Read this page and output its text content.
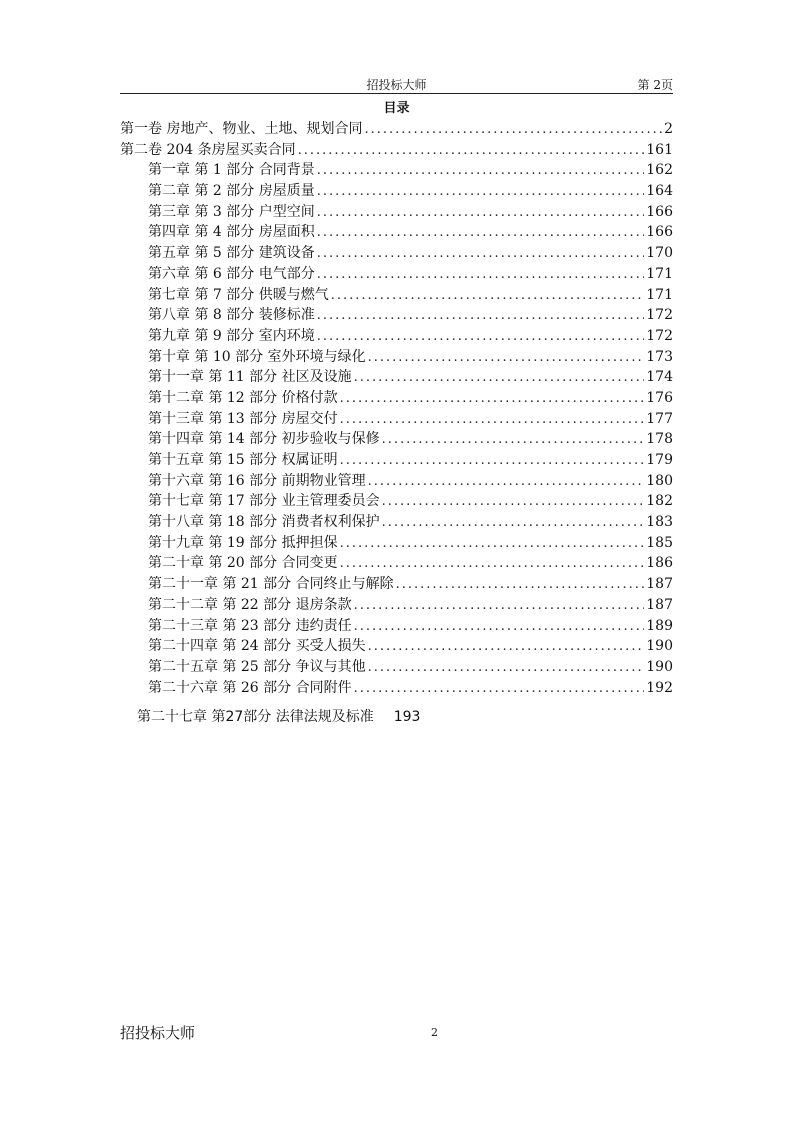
招投标大师	第 2页
目录
第一卷 房地产、物业、土地、规划合同 .....	2
第二卷 204 条房屋买卖合同 .....	161
第一章 第 1 部分 合同背景 .....	162
第二章 第 2 部分 房屋质量 .....	164
第三章 第 3 部分 户型空间 .....	166
第四章 第 4 部分 房屋面积 .....	166
第五章 第 5 部分 建筑设备 .....	170
第六章 第 6 部分 电气部分 .....	171
第七章 第 7 部分 供暖与燃气 .....	171
第八章 第 8 部分 装修标准 .....	172
第九章 第 9 部分 室内环境 .....	172
第十章 第 10 部分 室外环境与绿化 .....	173
第十一章 第 11 部分 社区及设施 .....	174
第十二章 第 12 部分 价格付款 .....	176
第十三章 第 13 部分 房屋交付 .....	177
第十四章 第 14 部分 初步验收与保修 .....	178
第十五章 第 15 部分 权属证明 .....	179
第十六章 第 16 部分 前期物业管理 .....	180
第十七章 第 17 部分 业主管理委员会 .....	182
第十八章 第 18 部分 消费者权利保护 .....	183
第十九章 第 19 部分 抵押担保 .....	185
第二十章 第 20 部分 合同变更 .....	186
第二十一章 第 21 部分 合同终止与解除 .....	187
第二十二章 第 22 部分 退房条款 .....	187
第二十三章 第 23 部分 违约责任 .....	189
第二十四章 第 24 部分 买受人损失 .....	190
第二十五章 第 25 部分 争议与其他 .....	190
第二十六章 第 26 部分 合同附件 .....	192
第二十七章 第27部分 法律法规及标准 193
招投标大师	2
